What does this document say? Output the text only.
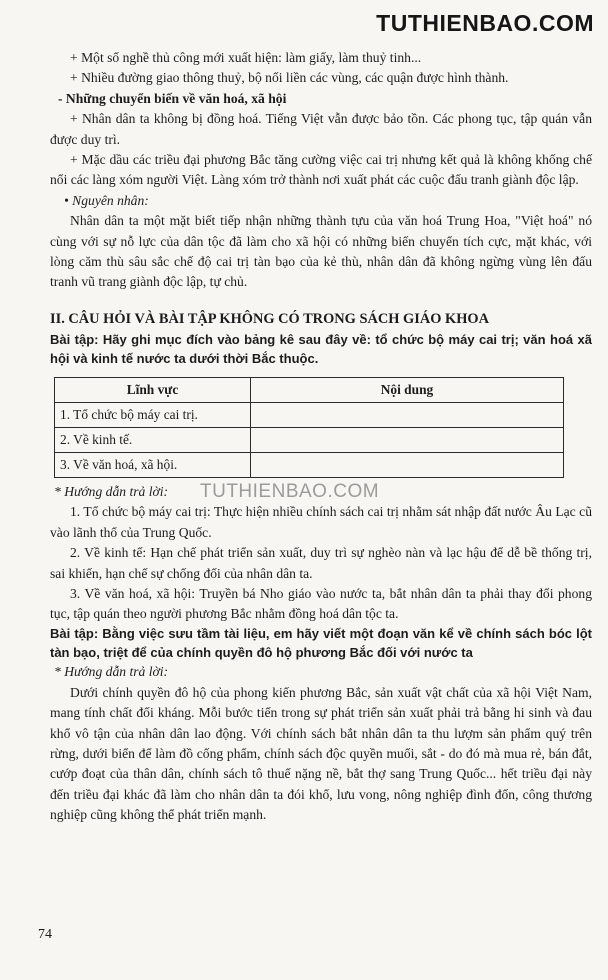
TUTHIENBAO.COM

+ Một số nghề thủ công mới xuất hiện: làm giấy, làm thuỷ tinh...

+ Nhiều đường giao thông thuỷ, bộ nối liền các vùng, các quận được hình thành.

- Những chuyển biến về văn hoá, xã hội

+ Nhân dân ta không bị đồng hoá. Tiếng Việt vẫn được bảo tồn. Các phong tục, tập quán vẫn được duy trì.

+ Mặc dầu các triều đại phương Bắc tăng cường việc cai trị nhưng kết quả là không khống chế nổi các làng xóm người Việt. Làng xóm trở thành nơi xuất phát các cuộc đấu tranh giành độc lập.

• Nguyên nhân:

Nhân dân ta một mặt biết tiếp nhận những thành tựu của văn hoá Trung Hoa, "Việt hoá" nó cùng với sự nỗ lực của dân tộc đã làm cho xã hội có những biến chuyển tích cực, mặt khác, với lòng căm thù sâu sắc chế độ cai trị tàn bạo của kẻ thù, nhân dân đã không ngừng vùng lên đấu tranh vũ trang giành độc lập, tự chủ.

II. CÂU HỎI VÀ BÀI TẬP KHÔNG CÓ TRONG SÁCH GIÁO KHOA

Bài tập: Hãy ghi mục đích vào bảng kê sau đây về: tổ chức bộ máy cai trị; văn hoá xã hội và kinh tế nước ta dưới thời Bắc thuộc.

Lĩnh vực	Nội dung
1. Tổ chức bộ máy cai trị.	
2. Về kinh tế.	
3. Về văn hoá, xã hội.	

* Hướng dẫn trả lời:

1. Tổ chức bộ máy cai trị: Thực hiện nhiều chính sách cai trị nhằm sát nhập đất nước Âu Lạc cũ vào lãnh thổ của Trung Quốc.

2. Về kinh tế: Hạn chế phát triển sản xuất, duy trì sự nghèo nàn và lạc hậu để dễ bề thống trị, sai khiến, hạn chế sự chống đối của nhân dân ta.

3. Về văn hoá, xã hội: Truyền bá Nho giáo vào nước ta, bắt nhân dân ta phải thay đổi phong tục, tập quán theo người phương Bắc nhằm đồng hoá dân tộc ta.

Bài tập: Bằng việc sưu tầm tài liệu, em hãy viết một đoạn văn kể về chính sách bóc lột tàn bạo, triệt để của chính quyền đô hộ phương Bắc đối với nước ta

* Hướng dẫn trả lời:

Dưới chính quyền đô hộ của phong kiến phương Bắc, sản xuất vật chất của xã hội Việt Nam, mang tính chất đối kháng. Mỗi bước tiến trong sự phát triển sản xuất phải trả bằng hi sinh và đau khổ vô tận của nhân dân lao động. Với chính sách bắt nhân dân ta thu lượm sản phẩm quý trên rừng, dưới biển để làm đồ cống phẩm, chính sách độc quyền muối, sắt - do đó mà mua rẻ, bán đắt, cướp đoạt của thân dân, chính sách tô thuế nặng nề, bắt thợ sang Trung Quốc... hết triều đại này đến triều đại khác đã làm cho nhân dân ta đói khổ, lưu vong, nông nghiệp đình đốn, công thương nghiệp cũng không thể phát triển mạnh.

TUTHIENBAO.COM
74
